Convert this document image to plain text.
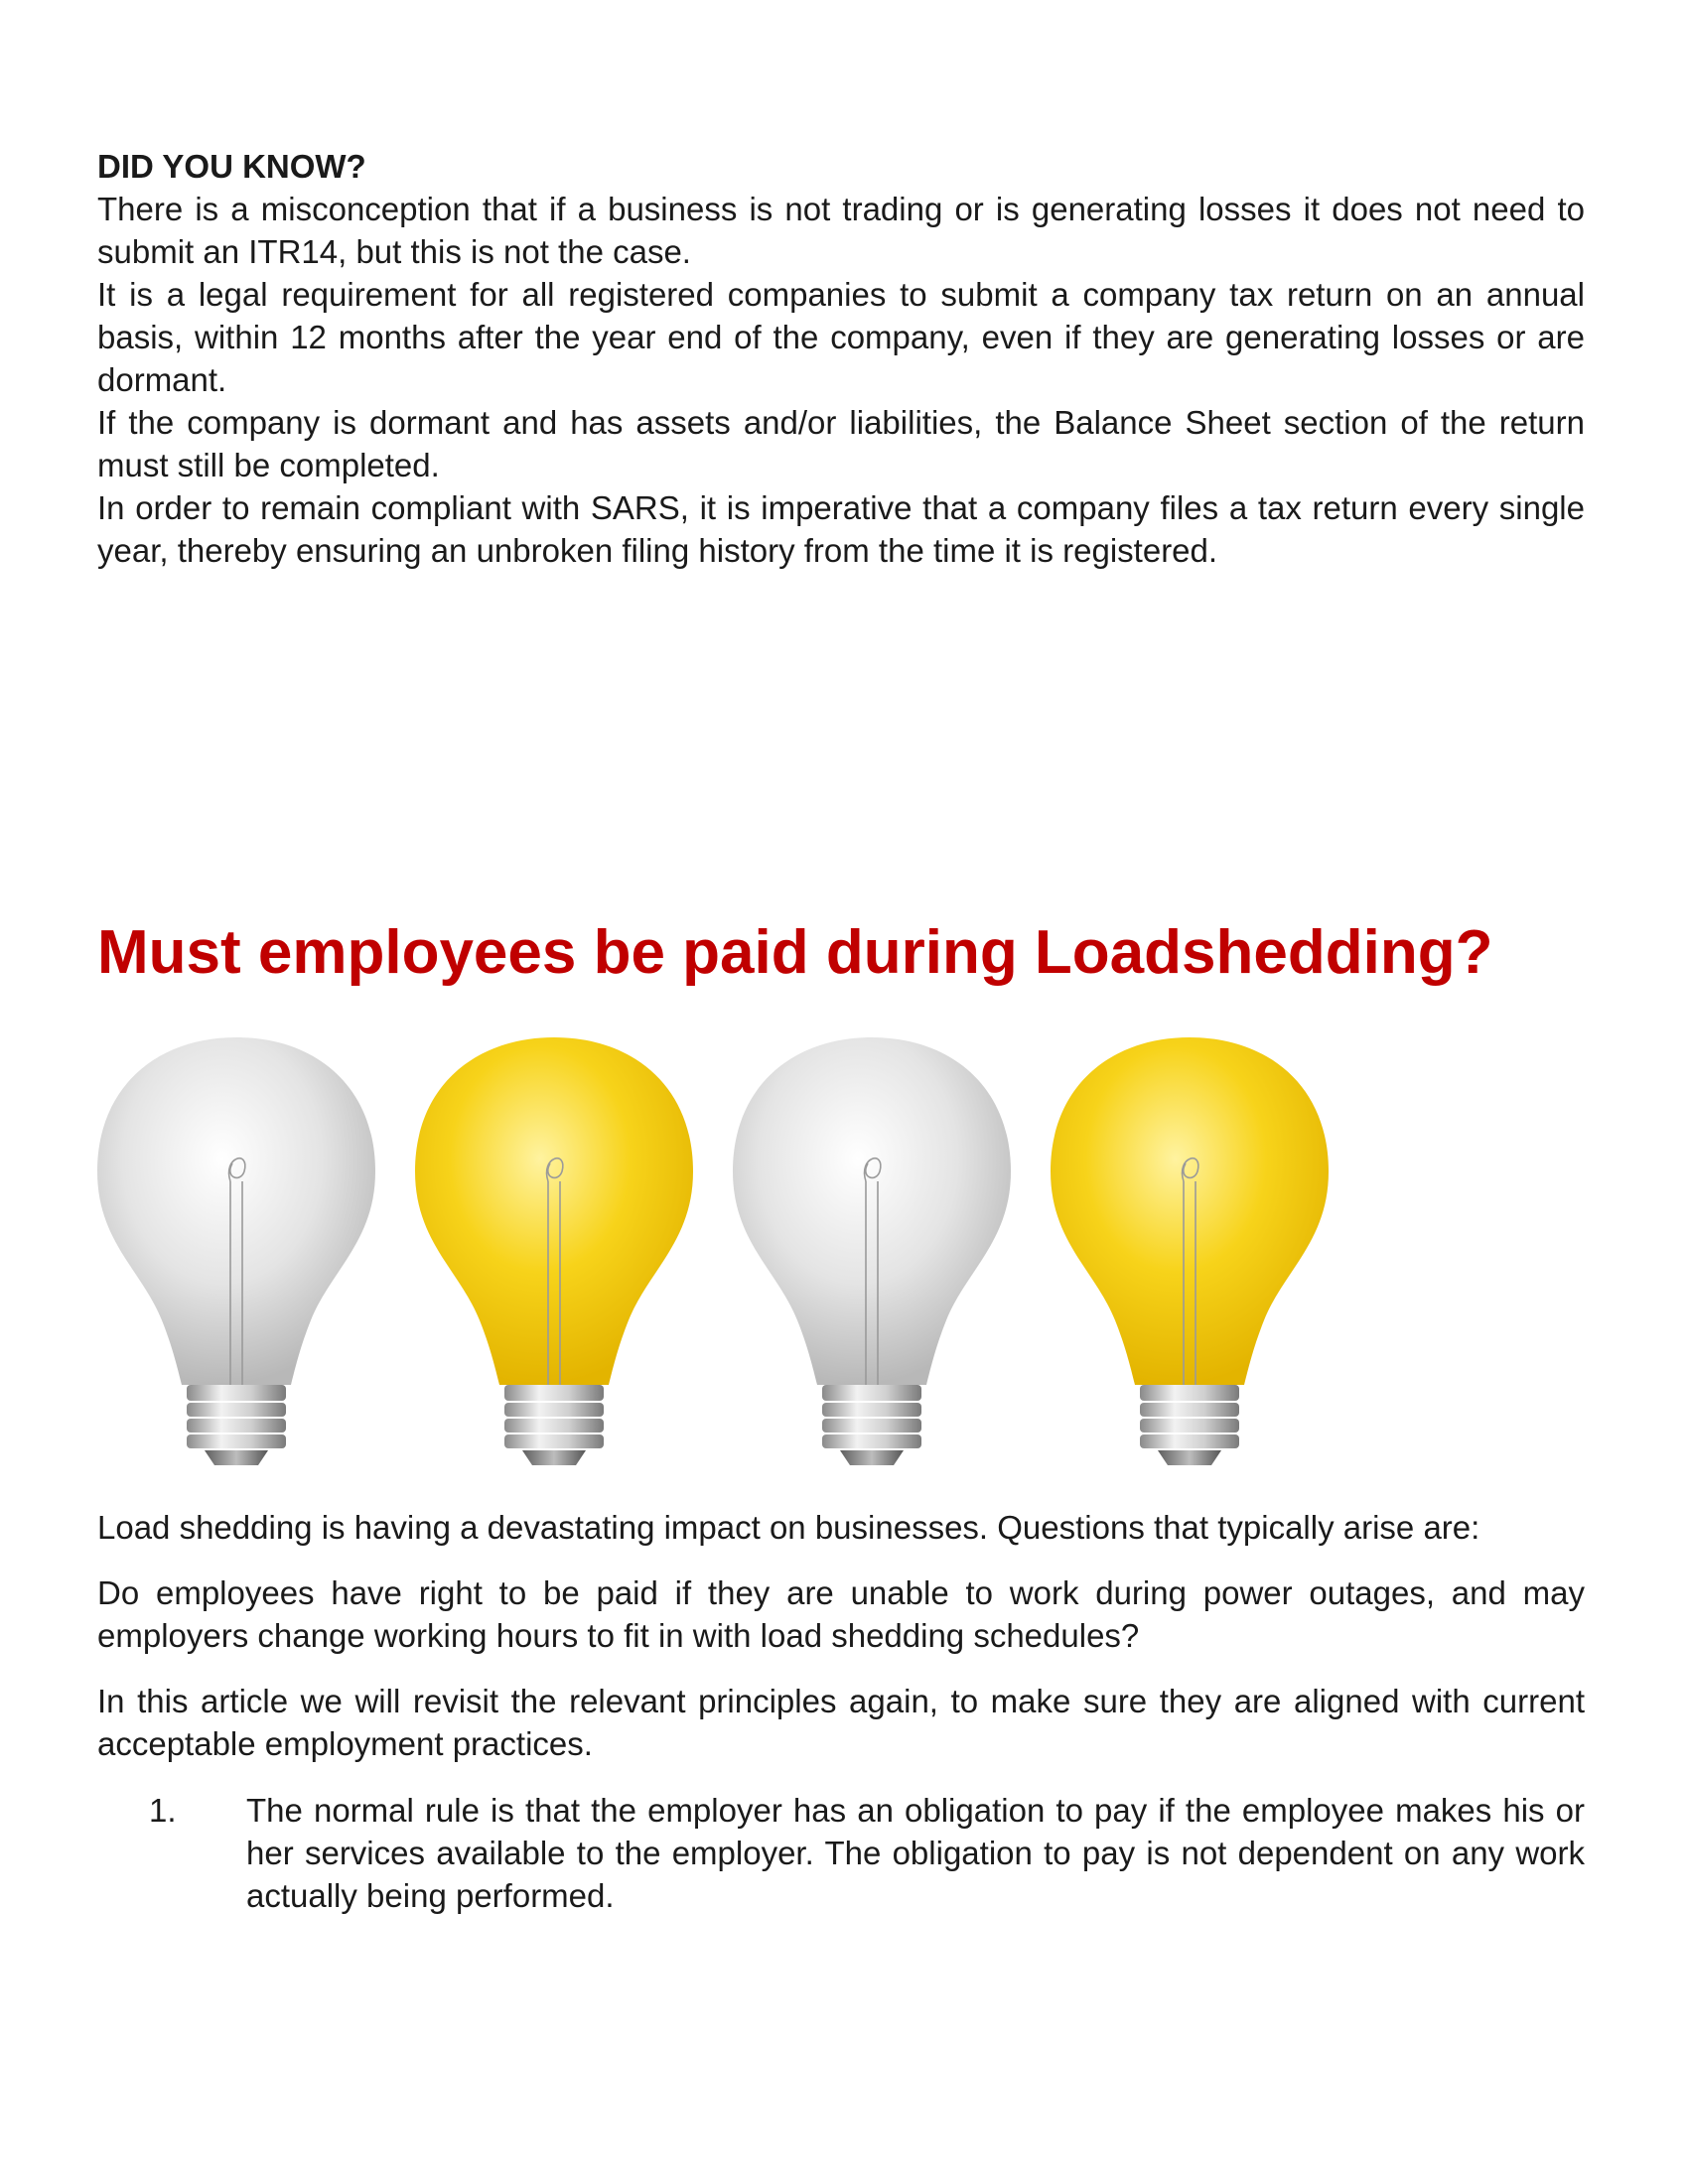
DID YOU KNOW?

There is a misconception that if a business is not trading or is generating losses it does not need to submit an ITR14, but this is not the case.

It is a legal requirement for all registered companies to submit a company tax return on an annual basis, within 12 months after the year end of the company, even if they are generating losses or are dormant.

If the company is dormant and has assets and/or liabilities, the Balance Sheet section of the return must still be completed.

In order to remain compliant with SARS, it is imperative that a company files a tax return every single year, thereby ensuring an unbroken filing history from the time it is registered.

Must employees be paid during Loadshedding?

Load shedding is having a devastating impact on businesses. Questions that typically arise are:

Do employees have right to be paid if they are unable to work during power outages, and may employers change working hours to fit in with load shedding schedules?

In this article we will revisit the relevant principles again, to make sure they are aligned with current acceptable employment practices.

1. The normal rule is that the employer has an obligation to pay if the employee makes his or her services available to the employer. The obligation to pay is not dependent on any work actually being performed.
